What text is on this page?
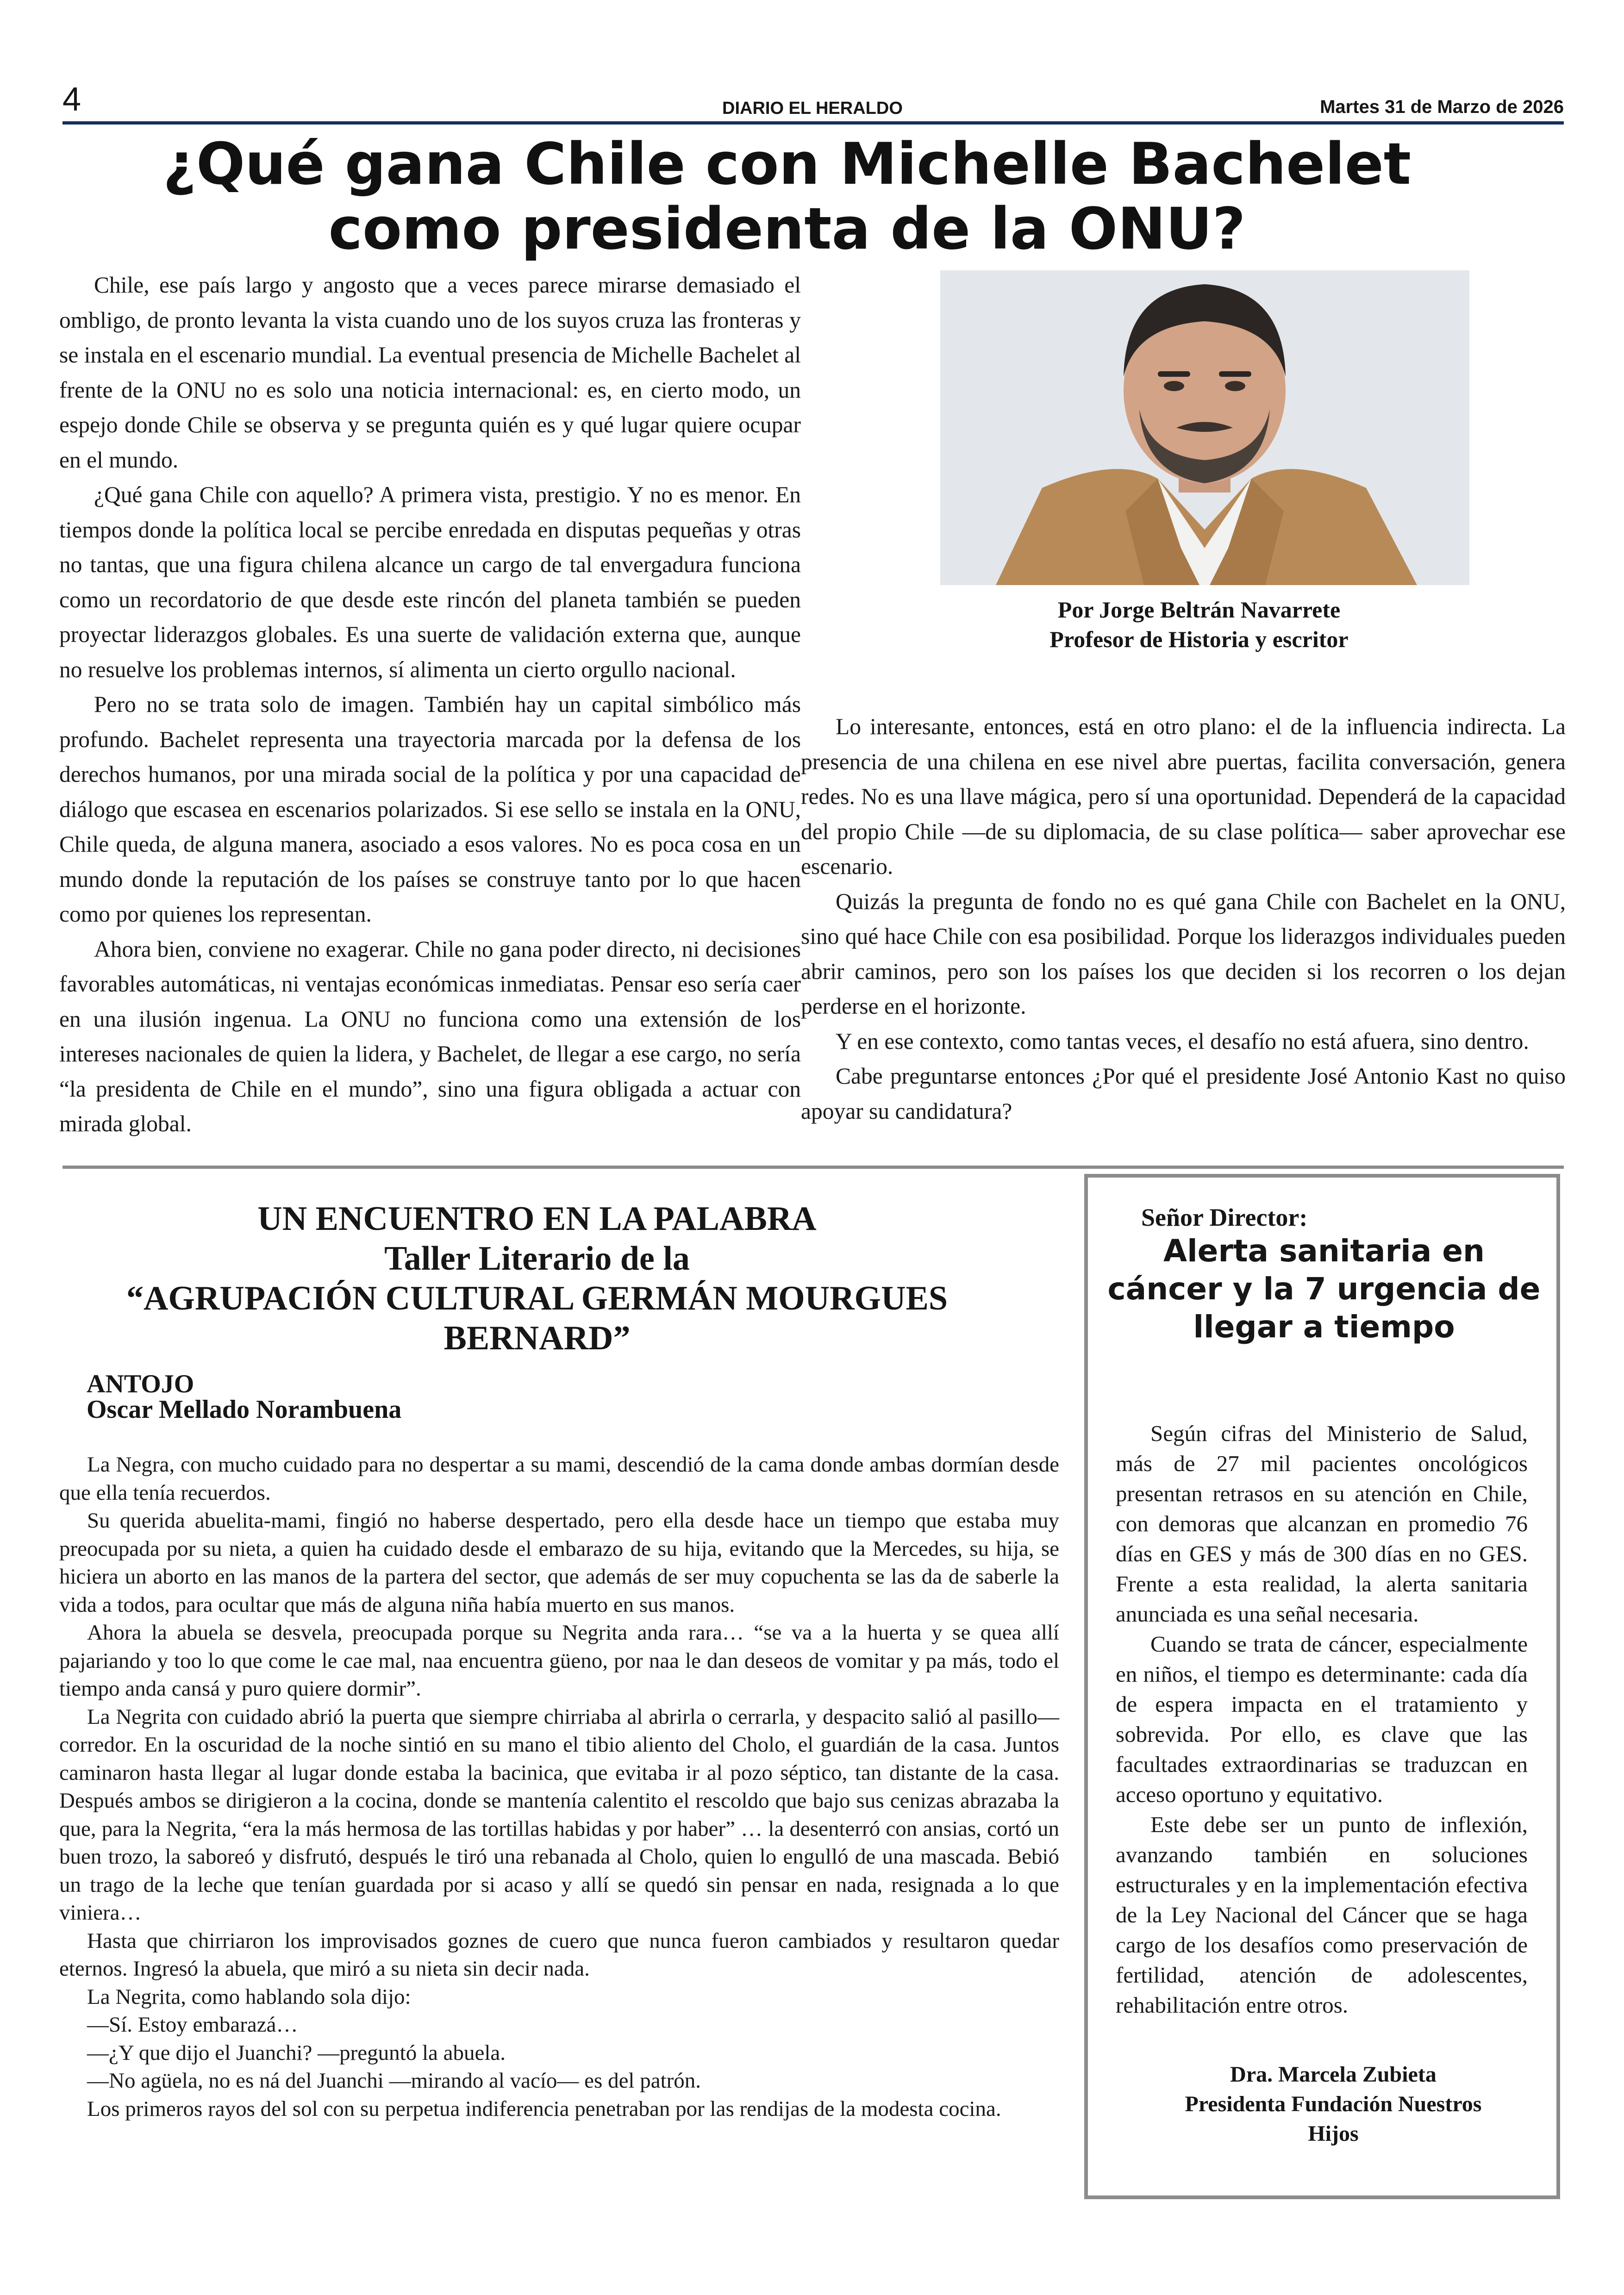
4	DIARIO EL HERALDO	Martes 31 de Marzo de 2026
¿Qué gana Chile con Michelle Bachelet como presidenta de la ONU?

Chile, ese país largo y angosto que a veces parece mirarse demasiado el ombligo, de pronto levanta la vista cuando uno de los suyos cruza las fronteras y se instala en el escenario mundial. La eventual presencia de Michelle Bachelet al frente de la ONU no es solo una noticia internacional: es, en cierto modo, un espejo donde Chile se observa y se pregunta quién es y qué lugar quiere ocupar en el mundo.

¿Qué gana Chile con aquello? A primera vista, prestigio. Y no es menor. En tiempos donde la política local se percibe enredada en disputas pequeñas y otras no tantas, que una figura chilena alcance un cargo de tal envergadura funciona como un recordatorio de que desde este rincón del planeta también se pueden proyectar liderazgos globales. Es una suerte de validación externa que, aunque no resuelve los problemas internos, sí alimenta un cierto orgullo nacional.

Pero no se trata solo de imagen. También hay un capital simbólico más profundo. Bachelet representa una trayectoria marcada por la defensa de los derechos humanos, por una mirada social de la política y por una capacidad de diálogo que escasea en escenarios polarizados. Si ese sello se instala en la ONU, Chile queda, de alguna manera, asociado a esos valores. No es poca cosa en un mundo donde la reputación de los países se construye tanto por lo que hacen como por quienes los representan.

Ahora bien, conviene no exagerar. Chile no gana poder directo, ni decisiones favorables automáticas, ni ventajas económicas inmediatas. Pensar eso sería caer en una ilusión ingenua. La ONU no funciona como una extensión de los intereses nacionales de quien la lidera, y Bachelet, de llegar a ese cargo, no sería “la presidenta de Chile en el mundo”, sino una figura obligada a actuar con mirada global.

Por Jorge Beltrán Navarrete
Profesor de Historia y escritor

Lo interesante, entonces, está en otro plano: el de la influencia indirecta. La presencia de una chilena en ese nivel abre puertas, facilita conversación, genera redes. No es una llave mágica, pero sí una oportunidad. Dependerá de la capacidad del propio Chile —de su diplomacia, de su clase política— saber aprovechar ese escenario.

Quizás la pregunta de fondo no es qué gana Chile con Bachelet en la ONU, sino qué hace Chile con esa posibilidad. Porque los liderazgos individuales pueden abrir caminos, pero son los países los que deciden si los recorren o los dejan perderse en el horizonte.

Y en ese contexto, como tantas veces, el desafío no está afuera, sino dentro.

Cabe preguntarse entonces ¿Por qué el presidente José Antonio Kast no quiso apoyar su candidatura?

UN ENCUENTRO EN LA PALABRA
Taller Literario de la
“AGRUPACIÓN CULTURAL GERMÁN MOURGUES
BERNARD”
ANTOJO
Oscar Mellado Norambuena

La Negra, con mucho cuidado para no despertar a su mami, descendió de la cama donde ambas dormían desde que ella tenía recuerdos.

Su querida abuelita-mami, fingió no haberse despertado, pero ella desde hace un tiempo que estaba muy preocupada por su nieta, a quien ha cuidado desde el embarazo de su hija, evitando que la Mercedes, su hija, se hiciera un aborto en las manos de la partera del sector, que además de ser muy copuchenta se las da de saberle la vida a todos, para ocultar que más de alguna niña había muerto en sus manos.

Ahora la abuela se desvela, preocupada porque su Negrita anda rara… “se va a la huerta y se quea allí pajariando y too lo que come le cae mal, naa encuentra güeno, por naa le dan deseos de vomitar y pa más, todo el tiempo anda cansá y puro quiere dormir”.

La Negrita con cuidado abrió la puerta que siempre chirriaba al abrirla o cerrarla, y despacito salió al pasillo—corredor. En la oscuridad de la noche sintió en su mano el tibio aliento del Cholo, el guardián de la casa. Juntos caminaron hasta llegar al lugar donde estaba la bacinica, que evitaba ir al pozo séptico, tan distante de la casa. Después ambos se dirigieron a la cocina, donde se mantenía calentito el rescoldo que bajo sus cenizas abrazaba la que, para la Negrita, “era la más hermosa de las tortillas habidas y por haber” … la desenterró con ansias, cortó un buen trozo, la saboreó y disfrutó, después le tiró una rebanada al Cholo, quien lo engulló de una mascada. Bebió un trago de la leche que tenían guardada por si acaso y allí se quedó sin pensar en nada, resignada a lo que viniera…

Hasta que chirriaron los improvisados goznes de cuero que nunca fueron cambiados y resultaron quedar eternos. Ingresó la abuela, que miró a su nieta sin decir nada.

La Negrita, como hablando sola dijo:

—Sí. Estoy embarazá…

—¿Y que dijo el Juanchi? —preguntó la abuela.

—No agüela, no es ná del Juanchi —mirando al vacío— es del patrón.

Los primeros rayos del sol con su perpetua indiferencia penetraban por las rendijas de la modesta cocina.

Señor Director:
Alerta sanitaria en cáncer y la 7 urgencia de llegar a tiempo

Según cifras del Ministerio de Salud, más de 27 mil pacientes oncológicos presentan retrasos en su atención en Chile, con demoras que alcanzan en promedio 76 días en GES y más de 300 días en no GES. Frente a esta realidad, la alerta sanitaria anunciada es una señal necesaria.

Cuando se trata de cáncer, especialmente en niños, el tiempo es determinante: cada día de espera impacta en el tratamiento y sobrevida. Por ello, es clave que las facultades extraordinarias se traduzcan en acceso oportuno y equitativo.

Este debe ser un punto de inflexión, avanzando también en soluciones estructurales y en la implementación efectiva de la Ley Nacional del Cáncer que se haga cargo de los desafíos como preservación de fertilidad, atención de adolescentes, rehabilitación entre otros.

Dra. Marcela Zubieta
Presidenta Fundación Nuestros
Hijos
